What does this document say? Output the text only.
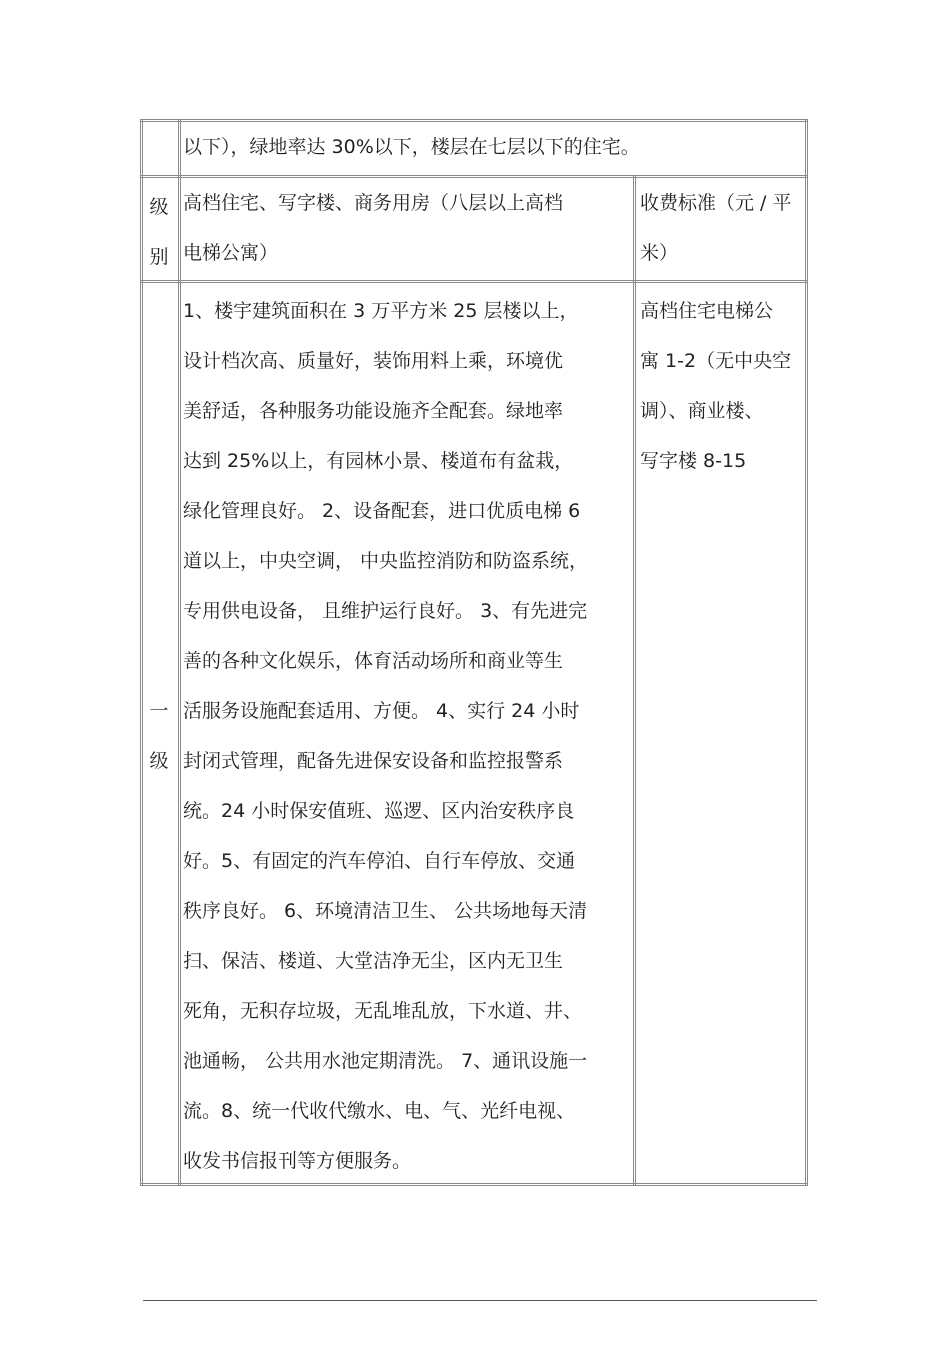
以下），绿地率达 30%以下，楼层在七层以下的住宅。
级
别
高档住宅、写字楼、商务用房（八层以上高档
电梯公寓）
收费标准（元 / 平
米）
一
级
1、楼宇建筑面积在 3 万平方米 25 层楼以上，
设计档次高、质量好，装饰用料上乘，环境优
美舒适，各种服务功能设施齐全配套。绿地率
达到 25%以上，有园林小景、楼道布有盆栽，
绿化管理良好。 2、设备配套，进口优质电梯 6
道以上，中央空调， 中央监控消防和防盗系统，
专用供电设备， 且维护运行良好。 3、有先进完
善的各种文化娱乐，体育活动场所和商业等生
活服务设施配套适用、方便。 4、实行 24 小时
封闭式管理，配备先进保安设备和监控报警系
统。24 小时保安值班、巡逻、区内治安秩序良
好。5、有固定的汽车停泊、自行车停放、交通
秩序良好。 6、环境清洁卫生、 公共场地每天清
扫、保洁、楼道、大堂洁净无尘，区内无卫生
死角，无积存垃圾，无乱堆乱放，下水道、井、
池通畅， 公共用水池定期清洗。 7、通讯设施一
流。8、统一代收代缴水、电、气、光纤电视、
收发书信报刊等方便服务。
高档住宅电梯公
寓 1-2（无中央空
调）、商业楼、
写字楼 8-15
